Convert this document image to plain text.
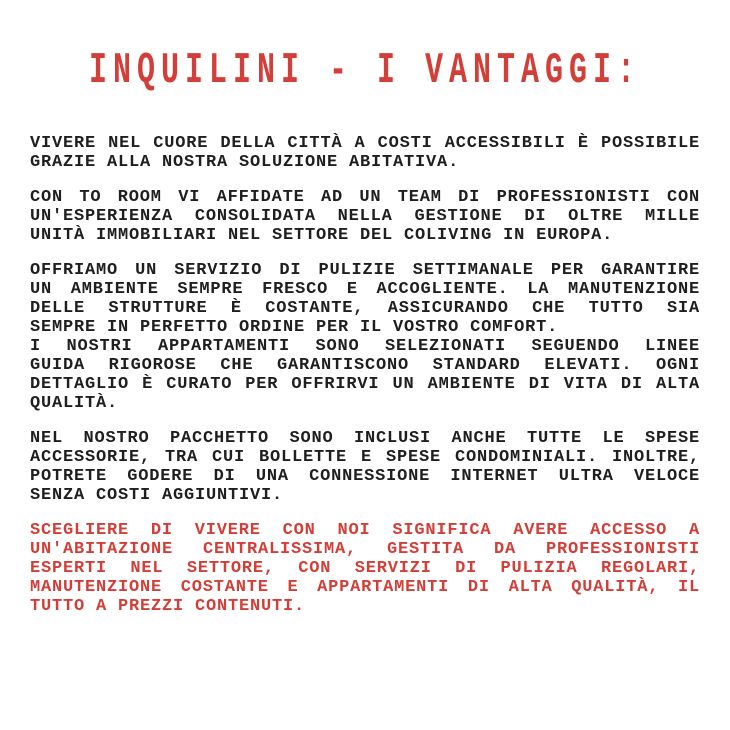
INQUILINI - I VANTAGGI:
VIVERE NEL CUORE DELLA CITTÀ A COSTI ACCESSIBILI È POSSIBILE
GRAZIE ALLA NOSTRA SOLUZIONE ABITATIVA.
CON TO ROOM VI AFFIDATE AD UN TEAM DI PROFESSIONISTI CON
UN'ESPERIENZA CONSOLIDATA NELLA GESTIONE DI OLTRE MILLE
UNITÀ IMMOBILIARI NEL SETTORE DEL COLIVING IN EUROPA.
OFFRIAMO UN SERVIZIO DI PULIZIE SETTIMANALE PER GARANTIRE
UN AMBIENTE SEMPRE FRESCO E ACCOGLIENTE. LA MANUTENZIONE
DELLE STRUTTURE È COSTANTE, ASSICURANDO CHE TUTTO SIA
SEMPRE IN PERFETTO ORDINE PER IL VOSTRO COMFORT.
I NOSTRI APPARTAMENTI SONO SELEZIONATI SEGUENDO LINEE
GUIDA RIGOROSE CHE GARANTISCONO STANDARD ELEVATI. OGNI
DETTAGLIO È CURATO PER OFFRIRVI UN AMBIENTE DI VITA DI ALTA
QUALITÀ.
NEL NOSTRO PACCHETTO SONO INCLUSI ANCHE TUTTE LE SPESE
ACCESSORIE, TRA CUI BOLLETTE E SPESE CONDOMINIALI. INOLTRE,
POTRETE GODERE DI UNA CONNESSIONE INTERNET ULTRA VELOCE
SENZA COSTI AGGIUNTIVI.
SCEGLIERE DI VIVERE CON NOI SIGNIFICA AVERE ACCESSO A
UN'ABITAZIONE CENTRALISSIMA, GESTITA DA PROFESSIONISTI
ESPERTI NEL SETTORE, CON SERVIZI DI PULIZIA REGOLARI,
MANUTENZIONE COSTANTE E APPARTAMENTI DI ALTA QUALITÀ, IL
TUTTO A PREZZI CONTENUTI.
